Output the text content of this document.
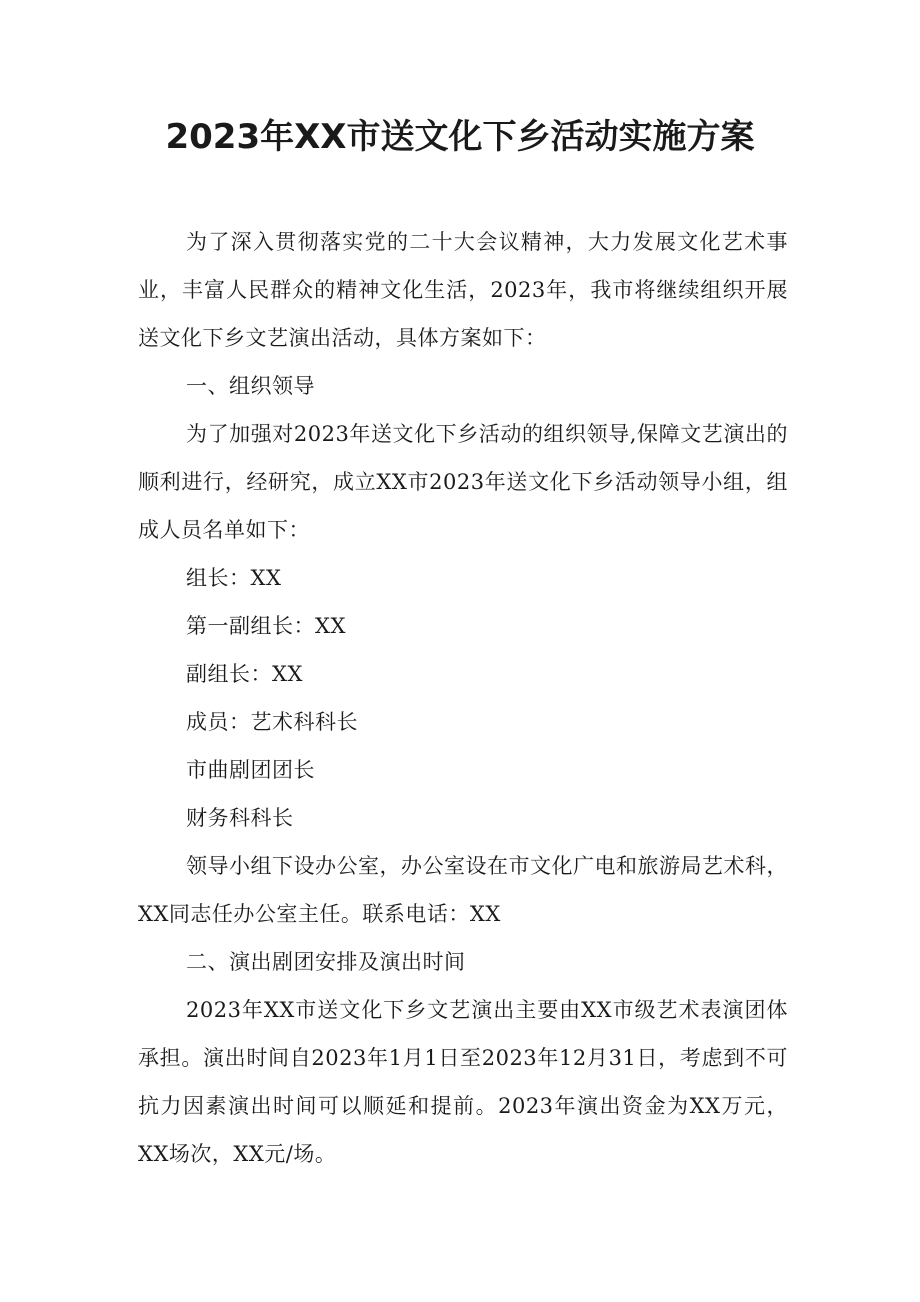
2023年XX市送文化下乡活动实施方案

为了深入贯彻落实党的二十大会议精神，大力发展文化艺术事业，丰富人民群众的精神文化生活，2023年，我市将继续组织开展送文化下乡文艺演出活动，具体方案如下：

一、组织领导

为了加强对2023年送文化下乡活动的组织领导,保障文艺演出的顺利进行，经研究，成立XX市2023年送文化下乡活动领导小组，组成人员名单如下：

组长：XX

第一副组长：XX

副组长：XX

成员：艺术科科长

市曲剧团团长

财务科科长

领导小组下设办公室，办公室设在市文化广电和旅游局艺术科，XX同志任办公室主任。联系电话：XX

二、演出剧团安排及演出时间

2023年XX市送文化下乡文艺演出主要由XX市级艺术表演团体承担。演出时间自2023年1月1日至2023年12月31日，考虑到不可抗力因素演出时间可以顺延和提前。2023年演出资金为XX万元，XX场次，XX元/场。
